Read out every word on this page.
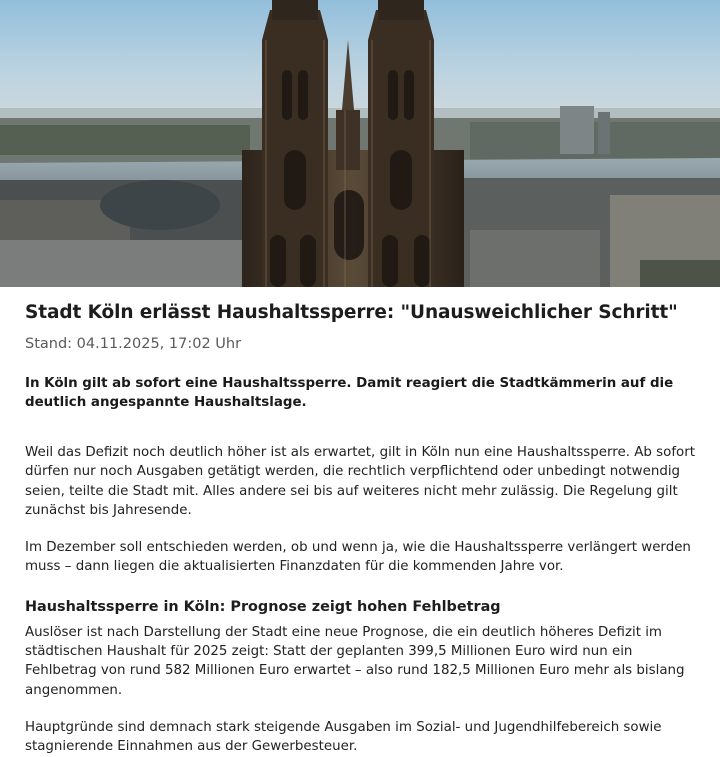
Stadt Köln erlässt Haushaltssperre: "Unausweichlicher Schritt"
Stand: 04.11.2025, 17:02 Uhr

In Köln gilt ab sofort eine Haushaltssperre. Damit reagiert die Stadtkämmerin auf die deutlich angespannte Haushaltslage.

Weil das Defizit noch deutlich höher ist als erwartet, gilt in Köln nun eine Haushaltssperre. Ab sofort dürfen nur noch Ausgaben getätigt werden, die rechtlich verpflichtend oder unbedingt notwendig seien, teilte die Stadt mit. Alles andere sei bis auf weiteres nicht mehr zulässig. Die Regelung gilt zunächst bis Jahresende.

Im Dezember soll entschieden werden, ob und wenn ja, wie die Haushaltssperre verlängert werden muss – dann liegen die aktualisierten Finanzdaten für die kommenden Jahre vor.

Haushaltssperre in Köln: Prognose zeigt hohen Fehlbetrag

Auslöser ist nach Darstellung der Stadt eine neue Prognose, die ein deutlich höheres Defizit im städtischen Haushalt für 2025 zeigt: Statt der geplanten 399,5 Millionen Euro wird nun ein Fehlbetrag von rund 582 Millionen Euro erwartet – also rund 182,5 Millionen Euro mehr als bislang angenommen.

Hauptgründe sind demnach stark steigende Ausgaben im Sozial- und Jugendhilfebereich sowie stagnierende Einnahmen aus der Gewerbesteuer.
